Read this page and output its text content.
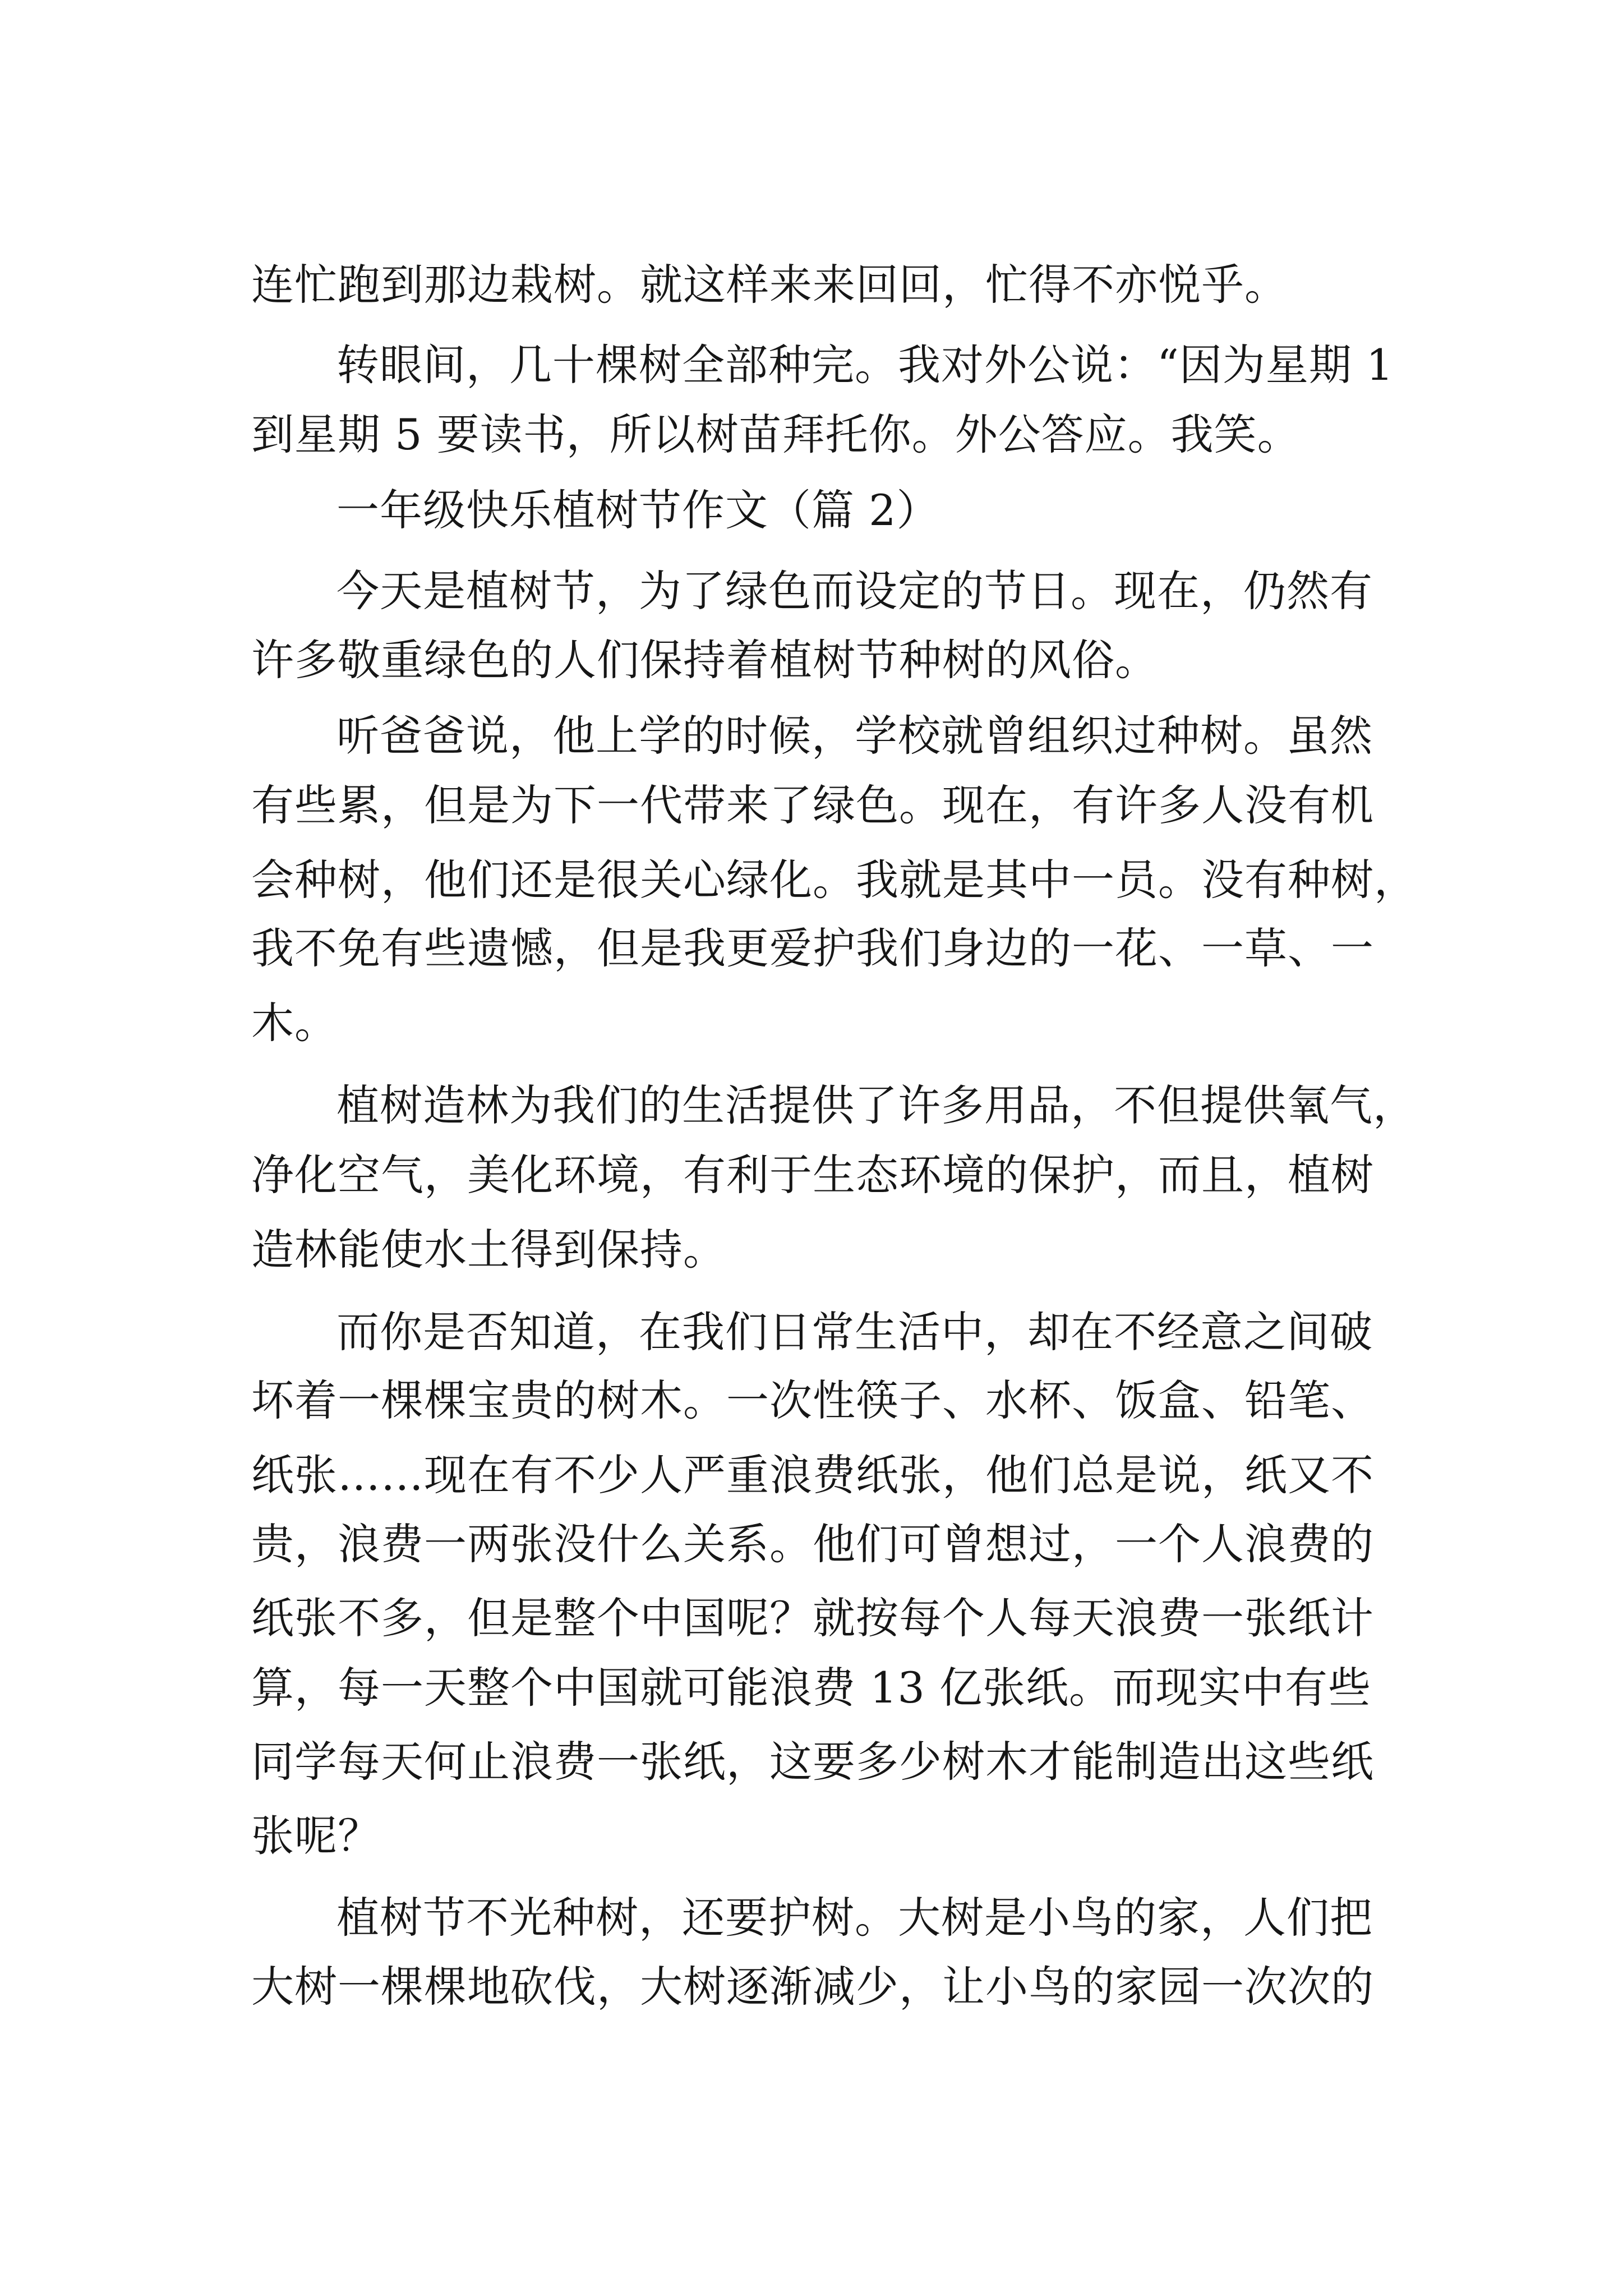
连忙跑到那边栽树。就这样来来回回，忙得不亦悦乎。

转眼间，几十棵树全部种完。我对外公说：“因为星期 1

到星期 5 要读书，所以树苗拜托你。外公答应。我笑。

一年级快乐植树节作文（篇 2）

今天是植树节，为了绿色而设定的节日。现在，仍然有

许多敬重绿色的人们保持着植树节种树的风俗。

听爸爸说，他上学的时候，学校就曾组织过种树。虽然

有些累，但是为下一代带来了绿色。现在，有许多人没有机

会种树，他们还是很关心绿化。我就是其中一员。没有种树，

我不免有些遗憾，但是我更爱护我们身边的一花、一草、一

木。

植树造林为我们的生活提供了许多用品，不但提供氧气，

净化空气，美化环境，有利于生态环境的保护，而且，植树

造林能使水土得到保持。

而你是否知道，在我们日常生活中，却在不经意之间破

坏着一棵棵宝贵的树木。一次性筷子、水杯、饭盒、铅笔、

纸张……现在有不少人严重浪费纸张，他们总是说，纸又不

贵，浪费一两张没什么关系。他们可曾想过，一个人浪费的

纸张不多，但是整个中国呢？就按每个人每天浪费一张纸计

算，每一天整个中国就可能浪费 13 亿张纸。而现实中有些

同学每天何止浪费一张纸，这要多少树木才能制造出这些纸

张呢？

植树节不光种树，还要护树。大树是小鸟的家，人们把

大树一棵棵地砍伐，大树逐渐减少，让小鸟的家园一次次的
